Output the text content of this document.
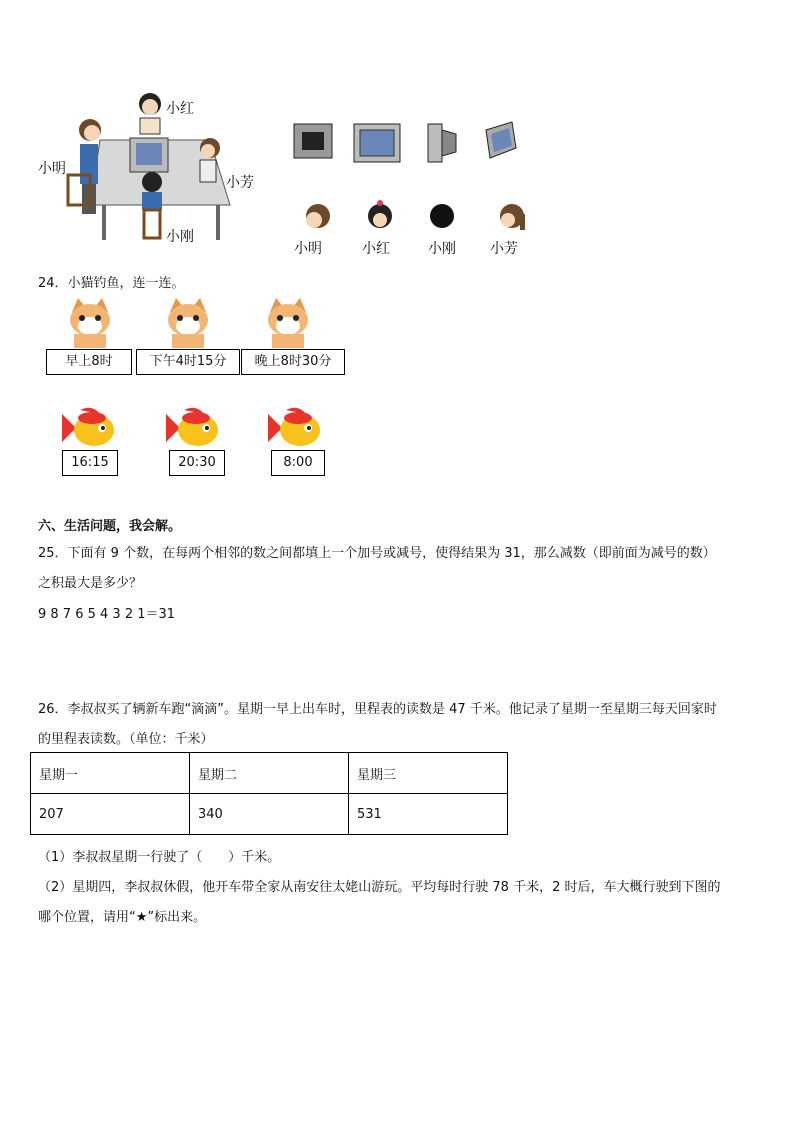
小红
小明
小芳
小刚
小明	小红	小刚 小芳
24．小猫钓鱼，连一连。
早上8时	下午4时15分	晚上8时30分
16:15	20:30	8:00
六、生活问题，我会解。
25．下面有 9 个数，在每两个相邻的数之间都填上一个加号或减号，使得结果为 31，那么减数（即前面为减号的数）
之积最大是多少？
9 8 7 6 5 4 3 2 1＝31
26．李叔叔买了辆新车跑“滴滴”。星期一早上出车时，里程表的读数是 47 千米。他记录了星期一至星期三每天回家时
的里程表读数。（单位：千米）
星期一	星期二	星期三
207	340	531
（1）李叔叔星期一行驶了（　　）千米。
（2）星期四，李叔叔休假，他开车带全家从南安往太姥山游玩。平均每时行驶 78 千米，2 时后，车大概行驶到下图的
哪个位置，请用“★”标出来。
